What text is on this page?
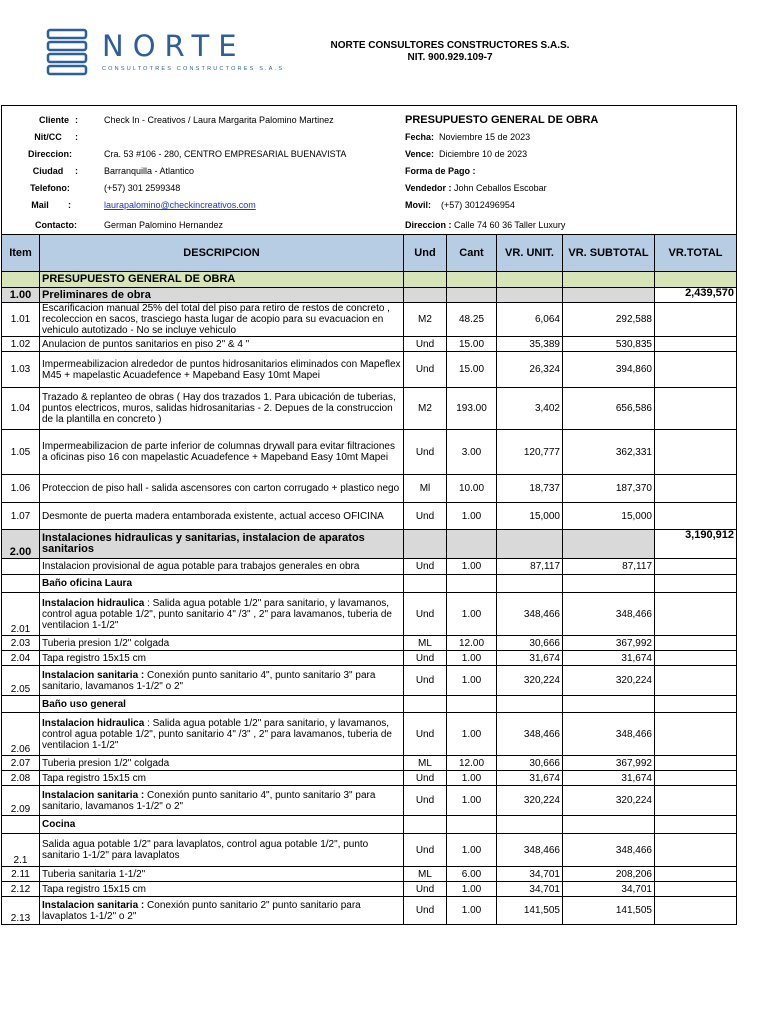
NORTE
CONSULTOTRES CONSTRUCTORES S.A.S
NORTE CONSULTORES CONSTRUCTORES S.A.S.
NIT. 900.929.109-7
Cliente :	Check In - Creativos / Laura Margarita Palomino Martinez
Nit/CC	:
Direccion:	Cra. 53 #106 - 280, CENTRO EMPRESARIAL BUENAVISTA
Ciudad	:	Barranquilla - Atlantico
Telefono:	(+57) 301 2599348
Mail	:	laurapalomino@checkincreativos.com
Contacto:	German Palomino Hernandez
PRESUPUESTO GENERAL DE OBRA
Fecha: Noviembre 15 de 2023
Vence: Diciembre 10 de 2023
Forma de Pago :
Vendedor : John Ceballos Escobar
Movil: (+57) 3012496954
Direccion : Calle 74 60 36 Taller Luxury
Item	DESCRIPCION	Und	Cant	VR. UNIT.	VR. SUBTOTAL	VR.TOTAL
	PRESUPUESTO GENERAL DE OBRA					
1.00	Preliminares de obra					2,439,570
1.01	Escarificacion manual 25% del total del piso para retiro de restos de concreto , recoleccion en sacos, trasciego hasta lugar de acopio para su evacuacion en vehiculo autotizado - No se incluye vehiculo	M2	48.25	6,064	292,588	
1.02	Anulacion de puntos sanitarios en piso 2" & 4 "	Und	15.00	35,389	530,835	
1.03	Impermeabilizacion alrededor de puntos hidrosanitarios eliminados con Mapeflex M45 + mapelastic Acuadefence + Mapeband Easy 10mt Mapei	Und	15.00	26,324	394,860	
1.04	Trazado & replanteo de obras ( Hay dos trazados 1. Para ubicación de tuberias, puntos electricos, muros, salidas hidrosanitarias - 2. Depues de la construccion de la plantilla en concreto )	M2	193.00	3,402	656,586	
1.05	Impermeabilizacion de parte inferior de columnas drywall para evitar filtraciones a oficinas piso 16 con mapelastic Acuadefence + Mapeband Easy 10mt Mapei	Und	3.00	120,777	362,331	
1.06	Proteccion de piso hall - salida ascensores con carton corrugado + plastico nego	Ml	10.00	18,737	187,370	
1.07	Desmonte de puerta madera entamborada existente, actual acceso OFICINA	Und	1.00	15,000	15,000	
2.00	Instalaciones hidraulicas y sanitarias, instalacion de aparatos sanitarios					3,190,912
	Instalacion provisional de agua potable para trabajos generales en obra	Und	1.00	87,117	87,117	
	Baño oficina Laura					
2.01	Instalacion hidraulica : Salida agua potable 1/2" para sanitario, y lavamanos, control agua potable 1/2", punto sanitario 4" /3" , 2" para lavamanos, tuberia de ventilacion 1-1/2"	Und	1.00	348,466	348,466	
2.03	Tuberia presion 1/2" colgada	ML	12.00	30,666	367,992	
2.04	Tapa registro 15x15 cm	Und	1.00	31,674	31,674	
2.05	Instalacion sanitaria : Conexión punto sanitario 4", punto sanitario 3" para sanitario, lavamanos 1-1/2" o 2"	Und	1.00	320,224	320,224	
	Baño uso general					
2.06	Instalacion hidraulica : Salida agua potable 1/2" para sanitario, y lavamanos, control agua potable 1/2", punto sanitario 4" /3" , 2" para lavamanos, tuberia de ventilacion 1-1/2"	Und	1.00	348,466	348,466	
2.07	Tuberia presion 1/2" colgada	ML	12.00	30,666	367,992	
2.08	Tapa registro 15x15 cm	Und	1.00	31,674	31,674	
2.09	Instalacion sanitaria : Conexión punto sanitario 4", punto sanitario 3" para sanitario, lavamanos 1-1/2" o 2"	Und	1.00	320,224	320,224	
	Cocina					
2.1	Salida agua potable 1/2" para lavaplatos, control agua potable 1/2", punto sanitario 1-1/2" para lavaplatos	Und	1.00	348,466	348,466	
2.11	Tuberia sanitaria 1-1/2"	ML	6.00	34,701	208,206	
2.12	Tapa registro 15x15 cm	Und	1.00	34,701	34,701	
2.13	Instalacion sanitaria : Conexión punto sanitario 2" punto sanitario para lavaplatos 1-1/2" o 2"	Und	1.00	141,505	141,505	
